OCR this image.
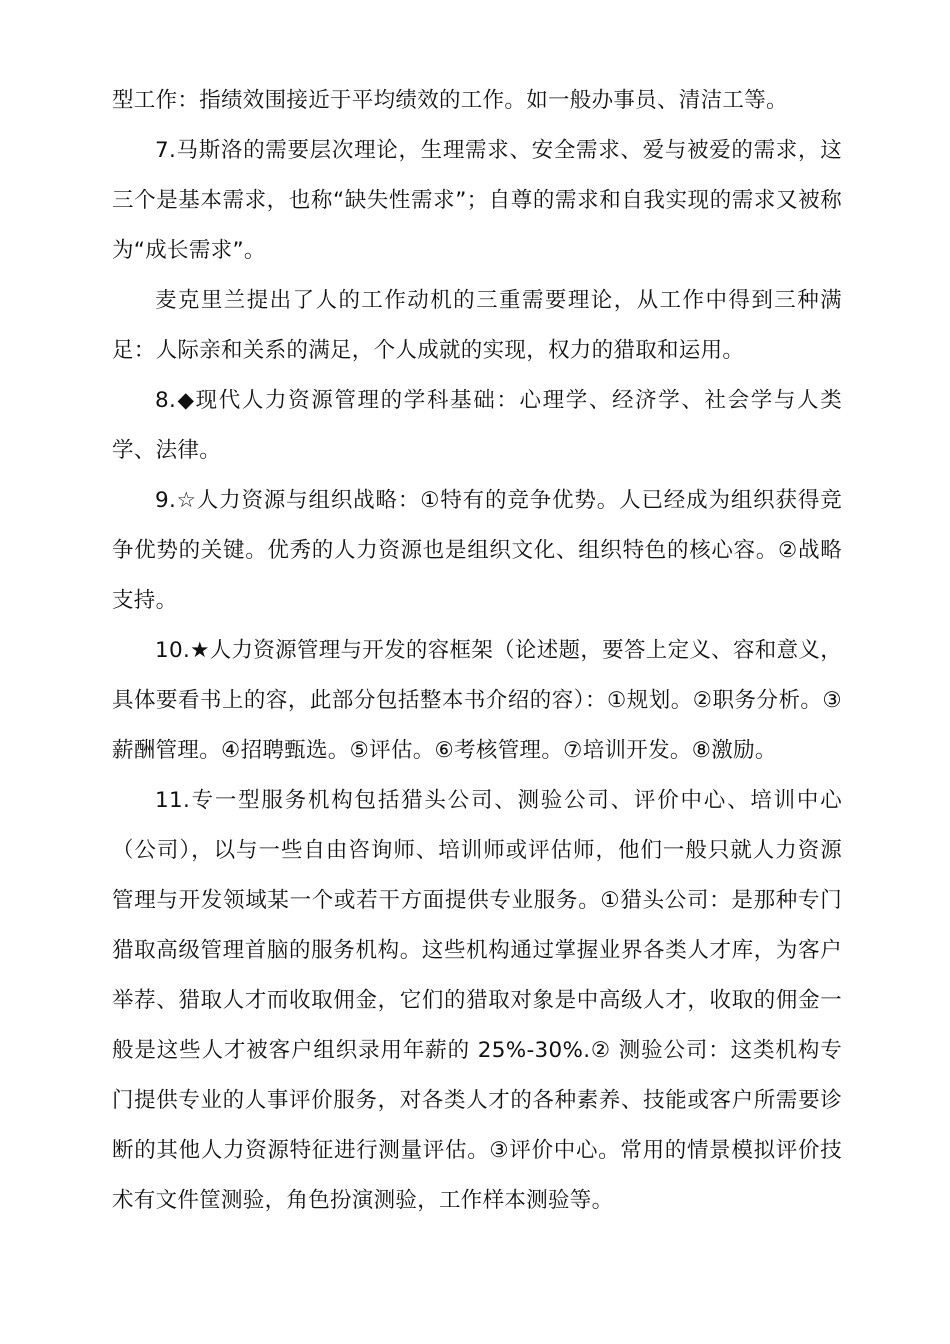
型工作：指绩效围接近于平均绩效的工作。如一般办事员、清洁工等。

7.马斯洛的需要层次理论，生理需求、安全需求、爱与被爱的需求，这三个是基本需求，也称“缺失性需求”；自尊的需求和自我实现的需求又被称为“成长需求”。

麦克里兰提出了人的工作动机的三重需要理论，从工作中得到三种满足：人际亲和关系的满足，个人成就的实现，权力的猎取和运用。

8.◆现代人力资源管理的学科基础：心理学、经济学、社会学与人类学、法律。

9.☆人力资源与组织战略：①特有的竞争优势。人已经成为组织获得竞争优势的关键。优秀的人力资源也是组织文化、组织特色的核心容。②战略支持。

10.★人力资源管理与开发的容框架（论述题，要答上定义、容和意义，具体要看书上的容，此部分包括整本书介绍的容）：①规划。②职务分析。③薪酬管理。④招聘甄选。⑤评估。⑥考核管理。⑦培训开发。⑧激励。

11.专一型服务机构包括猎头公司、测验公司、评价中心、培训中心（公司），以与一些自由咨询师、培训师或评估师，他们一般只就人力资源管理与开发领域某一个或若干方面提供专业服务。①猎头公司：是那种专门猎取高级管理首脑的服务机构。这些机构通过掌握业界各类人才库，为客户举荐、猎取人才而收取佣金，它们的猎取对象是中高级人才，收取的佣金一般是这些人才被客户组织录用年薪的 25%-30%.② 测验公司：这类机构专门提供专业的人事评价服务，对各类人才的各种素养、技能或客户所需要诊断的其他人力资源特征进行测量评估。③评价中心。常用的情景模拟评价技术有文件筐测验，角色扮演测验，工作样本测验等。
